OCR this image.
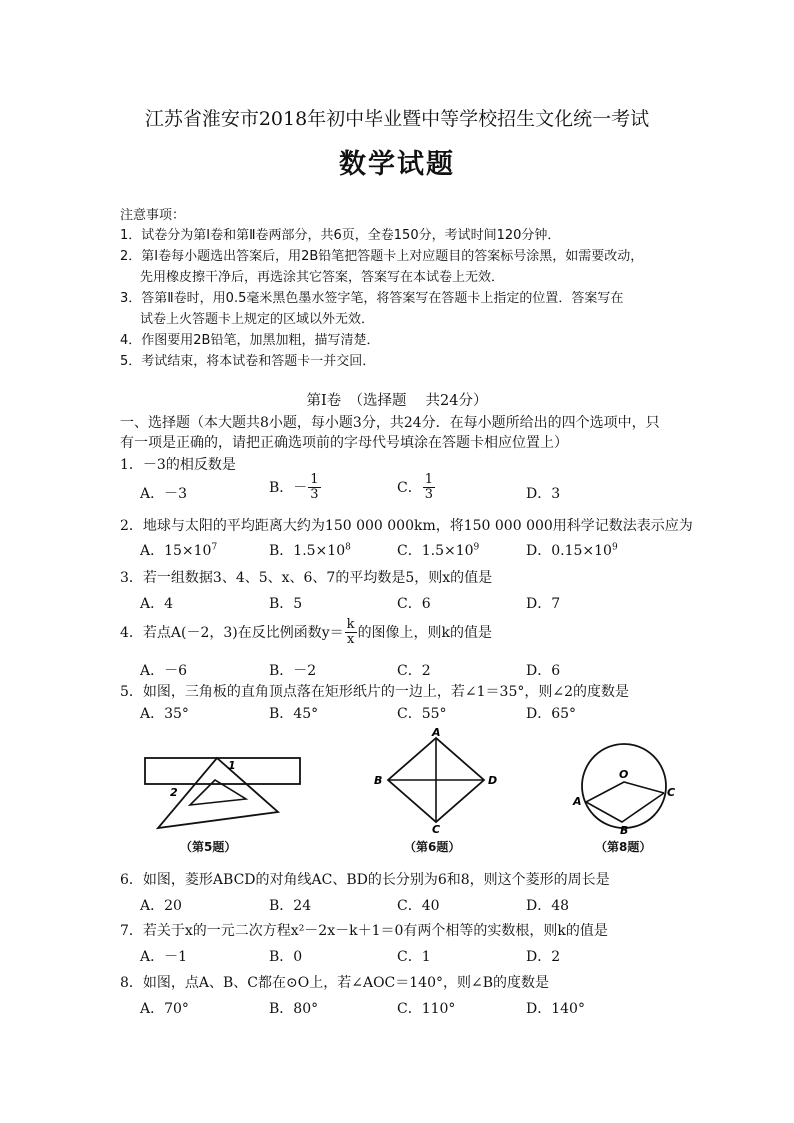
江苏省淮安市2018年初中毕业暨中等学校招生文化统一考试
数学试题
注意事项：
1．试卷分为第Ⅰ卷和第Ⅱ卷两部分，共6页，全卷150分，考试时间120分钟．
2．第Ⅰ卷每小题选出答案后，用2B铅笔把答题卡上对应题目的答案标号涂黑，如需要改动，
先用橡皮擦干净后，再选涂其它答案，答案写在本试卷上无效．
3．答第Ⅱ卷时，用0.5毫米黑色墨水签字笔，将答案写在答题卡上指定的位置．答案写在
试卷上火答题卡上规定的区域以外无效．
4．作图要用2B铅笔，加黑加粗，描写清楚．
5．考试结束，将本试卷和答题卡一并交回．
第Ⅰ卷　（选择题　 共24分）
一、选择题（本大题共8小题，每小题3分，共24分．在每小题所给出的四个选项中，只
有一项是正确的，请把正确选项前的字母代号填涂在答题卡相应位置上）
1．－3的相反数是
A．－3	B．－ $\frac{1}{3}$	C． $\frac{1}{3}$	D．3
2．地球与太阳的平均距离大约为150 000 000km，将150 000 000用科学记数法表示应为
A．$15\times 10^7$	B．$1.5\times 10^8$	C．$1.5\times 10^9$	D．$0.15\times 10^9$
3．若一组数据3、4、5、x、6、7的平均数是5，则x的值是
A．4	B．5	C．6	D．7
4．若点A(－2，3)在反比例函数$y= \frac{k}{x}$ 的图像上，则k的值是
A．－6	B．－2	C．2	D．6
5．如图，三角板的直角顶点落在矩形纸片的一边上，若∠1＝35°，则∠2的度数是
A．35°	B．45°	C．55°	D．65°
1
2
（第5题）
A
B
C
D
（第6题）
O
A
B
C
（第8题）
6．如图，菱形ABCD的对角线AC、BD的长分别为6和8，则这个菱形的周长是
A．20	B．24	C．40	D．48
7．若关于x的一元二次方程x²－2x－k＋1＝0有两个相等的实数根，则k的值是
A．－1	B．0	C．1	D．2
8．如图，点A、B、C都在⊙O上，若∠AOC＝140°，则∠B的度数是
A．70°	B．80°	C．110°	D．140°
